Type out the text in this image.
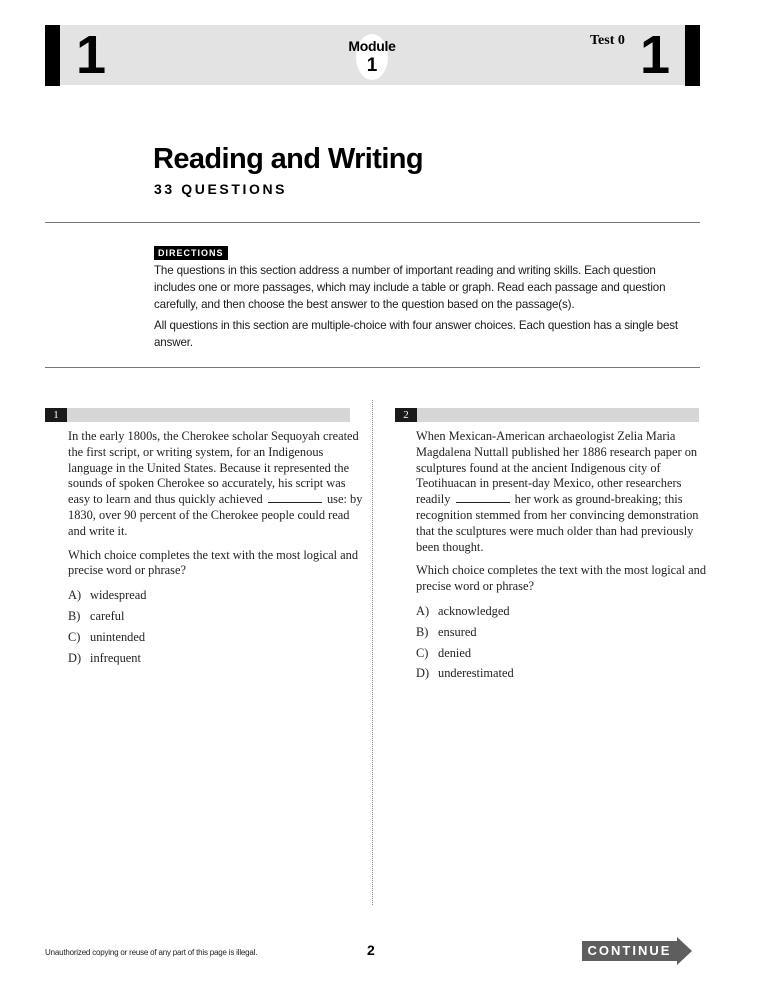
1	1
Module
1
Test 0
Reading and Writing
33 QUESTIONS
DIRECTIONS

The questions in this section address a number of important reading and writing skills. Each question includes one or more passages, which may include a table or graph. Read each passage and question carefully, and then choose the best answer to the question based on the passage(s).

All questions in this section are multiple-choice with four answer choices. Each question has a single best answer.

1	2

In the early 1800s, the Cherokee scholar Sequoyah created the first script, or writing system, for an Indigenous language in the United States. Because it represented the sounds of spoken Cherokee so accurately, his script was easy to learn and thus quickly achieved	use: by 1830, over 90 percent of the Cherokee people could read and write it.

Which choice completes the text with the most logical and precise word or phrase?

A) widespread
B) careful
C) unintended
D) infrequent

When Mexican-American archaeologist Zelia Maria Magdalena Nuttall published her 1886 research paper on sculptures found at the ancient Indigenous city of Teotihuacan in present-day Mexico, other researchers readily	her work as ground-breaking; this recognition stemmed from her convincing demonstration that the sculptures were much older than had previously been thought.

Which choice completes the text with the most logical and precise word or phrase?

A) acknowledged
B) ensured
C) denied
D) underestimated
Unauthorized copying or reuse of any part of this page is illegal.	2	CONTINUE
